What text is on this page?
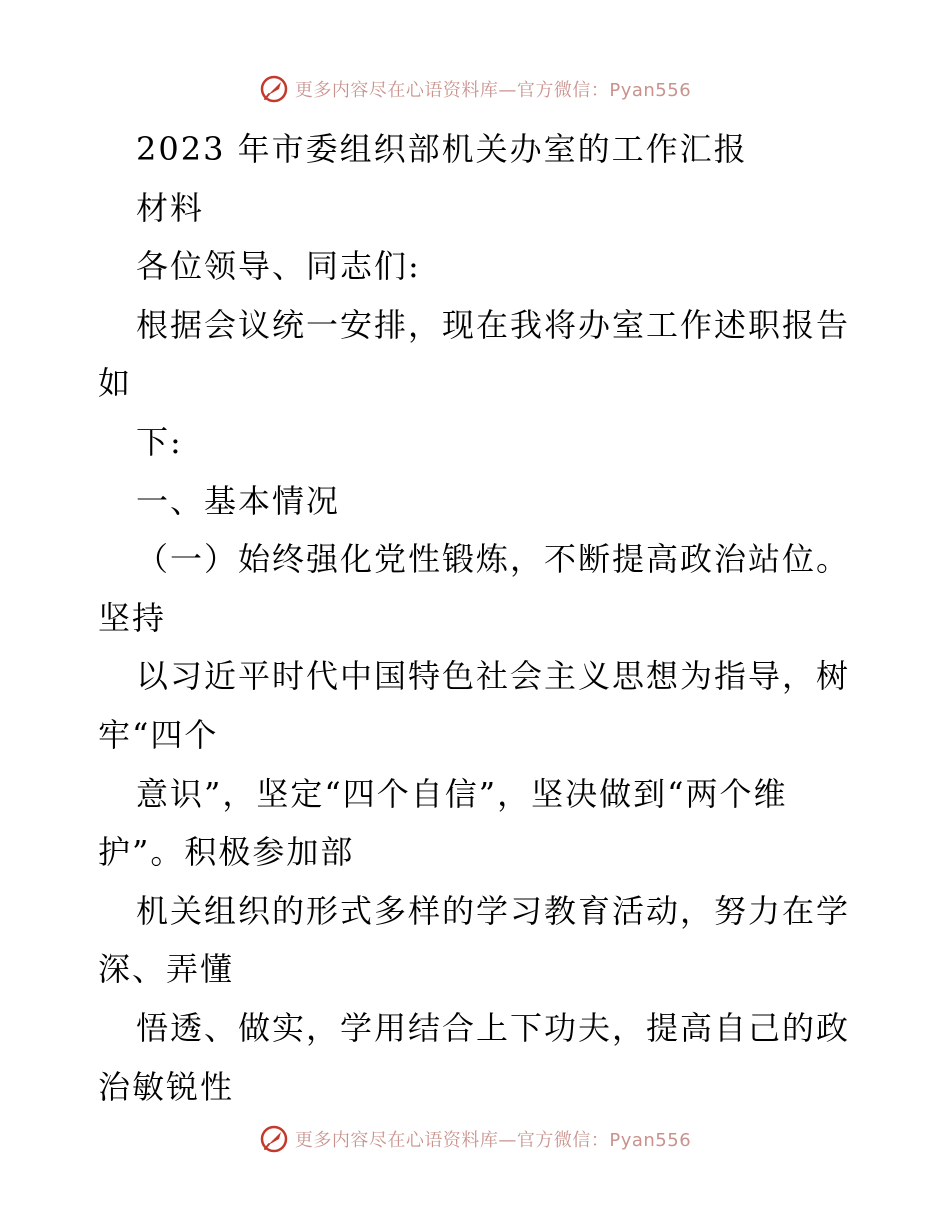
更多内容尽在心语资料库—官方微信：Pyan556
2023 年市委组织部机关办室的工作汇报
材料
各位领导、同志们:
根据会议统一安排，现在我将办室工作述职报告
如
下:
一、基本情况
（一）始终强化党性锻炼，不断提高政治站位。
坚持
以习近平时代中国特色社会主义思想为指导，树
牢“四个
意识”，坚定“四个自信”，坚决做到“两个维
护”。积极参加部
机关组织的形式多样的学习教育活动，努力在学
深、弄懂
悟透、做实，学用结合上下功夫，提高自己的政
治敏锐性
更多内容尽在心语资料库—官方微信：Pyan556
